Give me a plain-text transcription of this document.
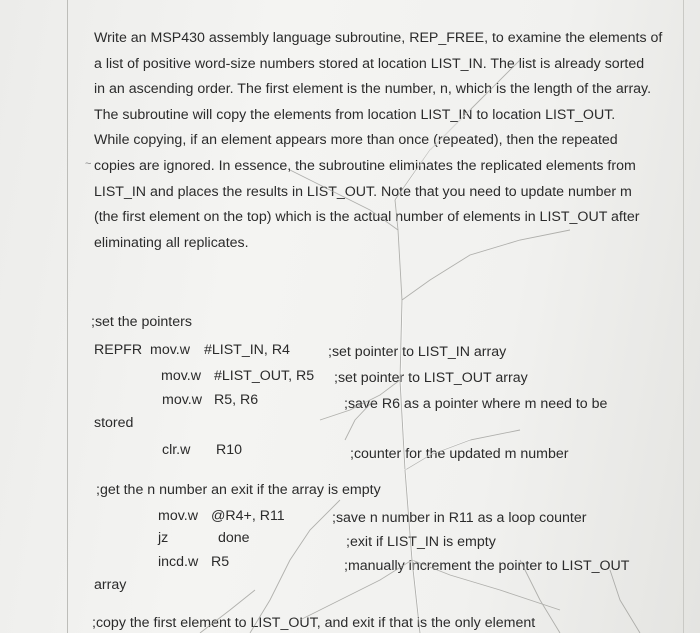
Write an MSP430 assembly language subroutine, REP_FREE, to examine the elements of
a list of positive word-size numbers stored at location LIST_IN. The list is already sorted
in an ascending order. The first element is the number, n, which is the length of the array.
The subroutine will copy the elements from location LIST_IN to location LIST_OUT.
While copying, if an element appears more than once (repeated), then the repeated
copies are ignored. In essence, the subroutine eliminates the replicated elements from
LIST_IN and places the results in LIST_OUT. Note that you need to update number m
(the first element on the top) which is the actual number of elements in LIST_OUT after
eliminating all replicates.
~
;set the pointers
REPFR mov.w #LIST_IN, R4	;set pointer to LIST_IN array
mov.w #LIST_OUT, R5 ;set pointer to LIST_OUT array
mov.w R5, R6	;save R6 as a pointer where m need to be
stored
clr.w R10	;counter for the updated m number
;get the n number an exit if the array is empty
mov.w @R4+, R11	;save n number in R11 as a loop counter
jz	done	;exit if LIST_IN is empty
incd.w R5	;manually increment the pointer to LIST_OUT
array
;copy the first element to LIST_OUT, and exit if that is the only element
